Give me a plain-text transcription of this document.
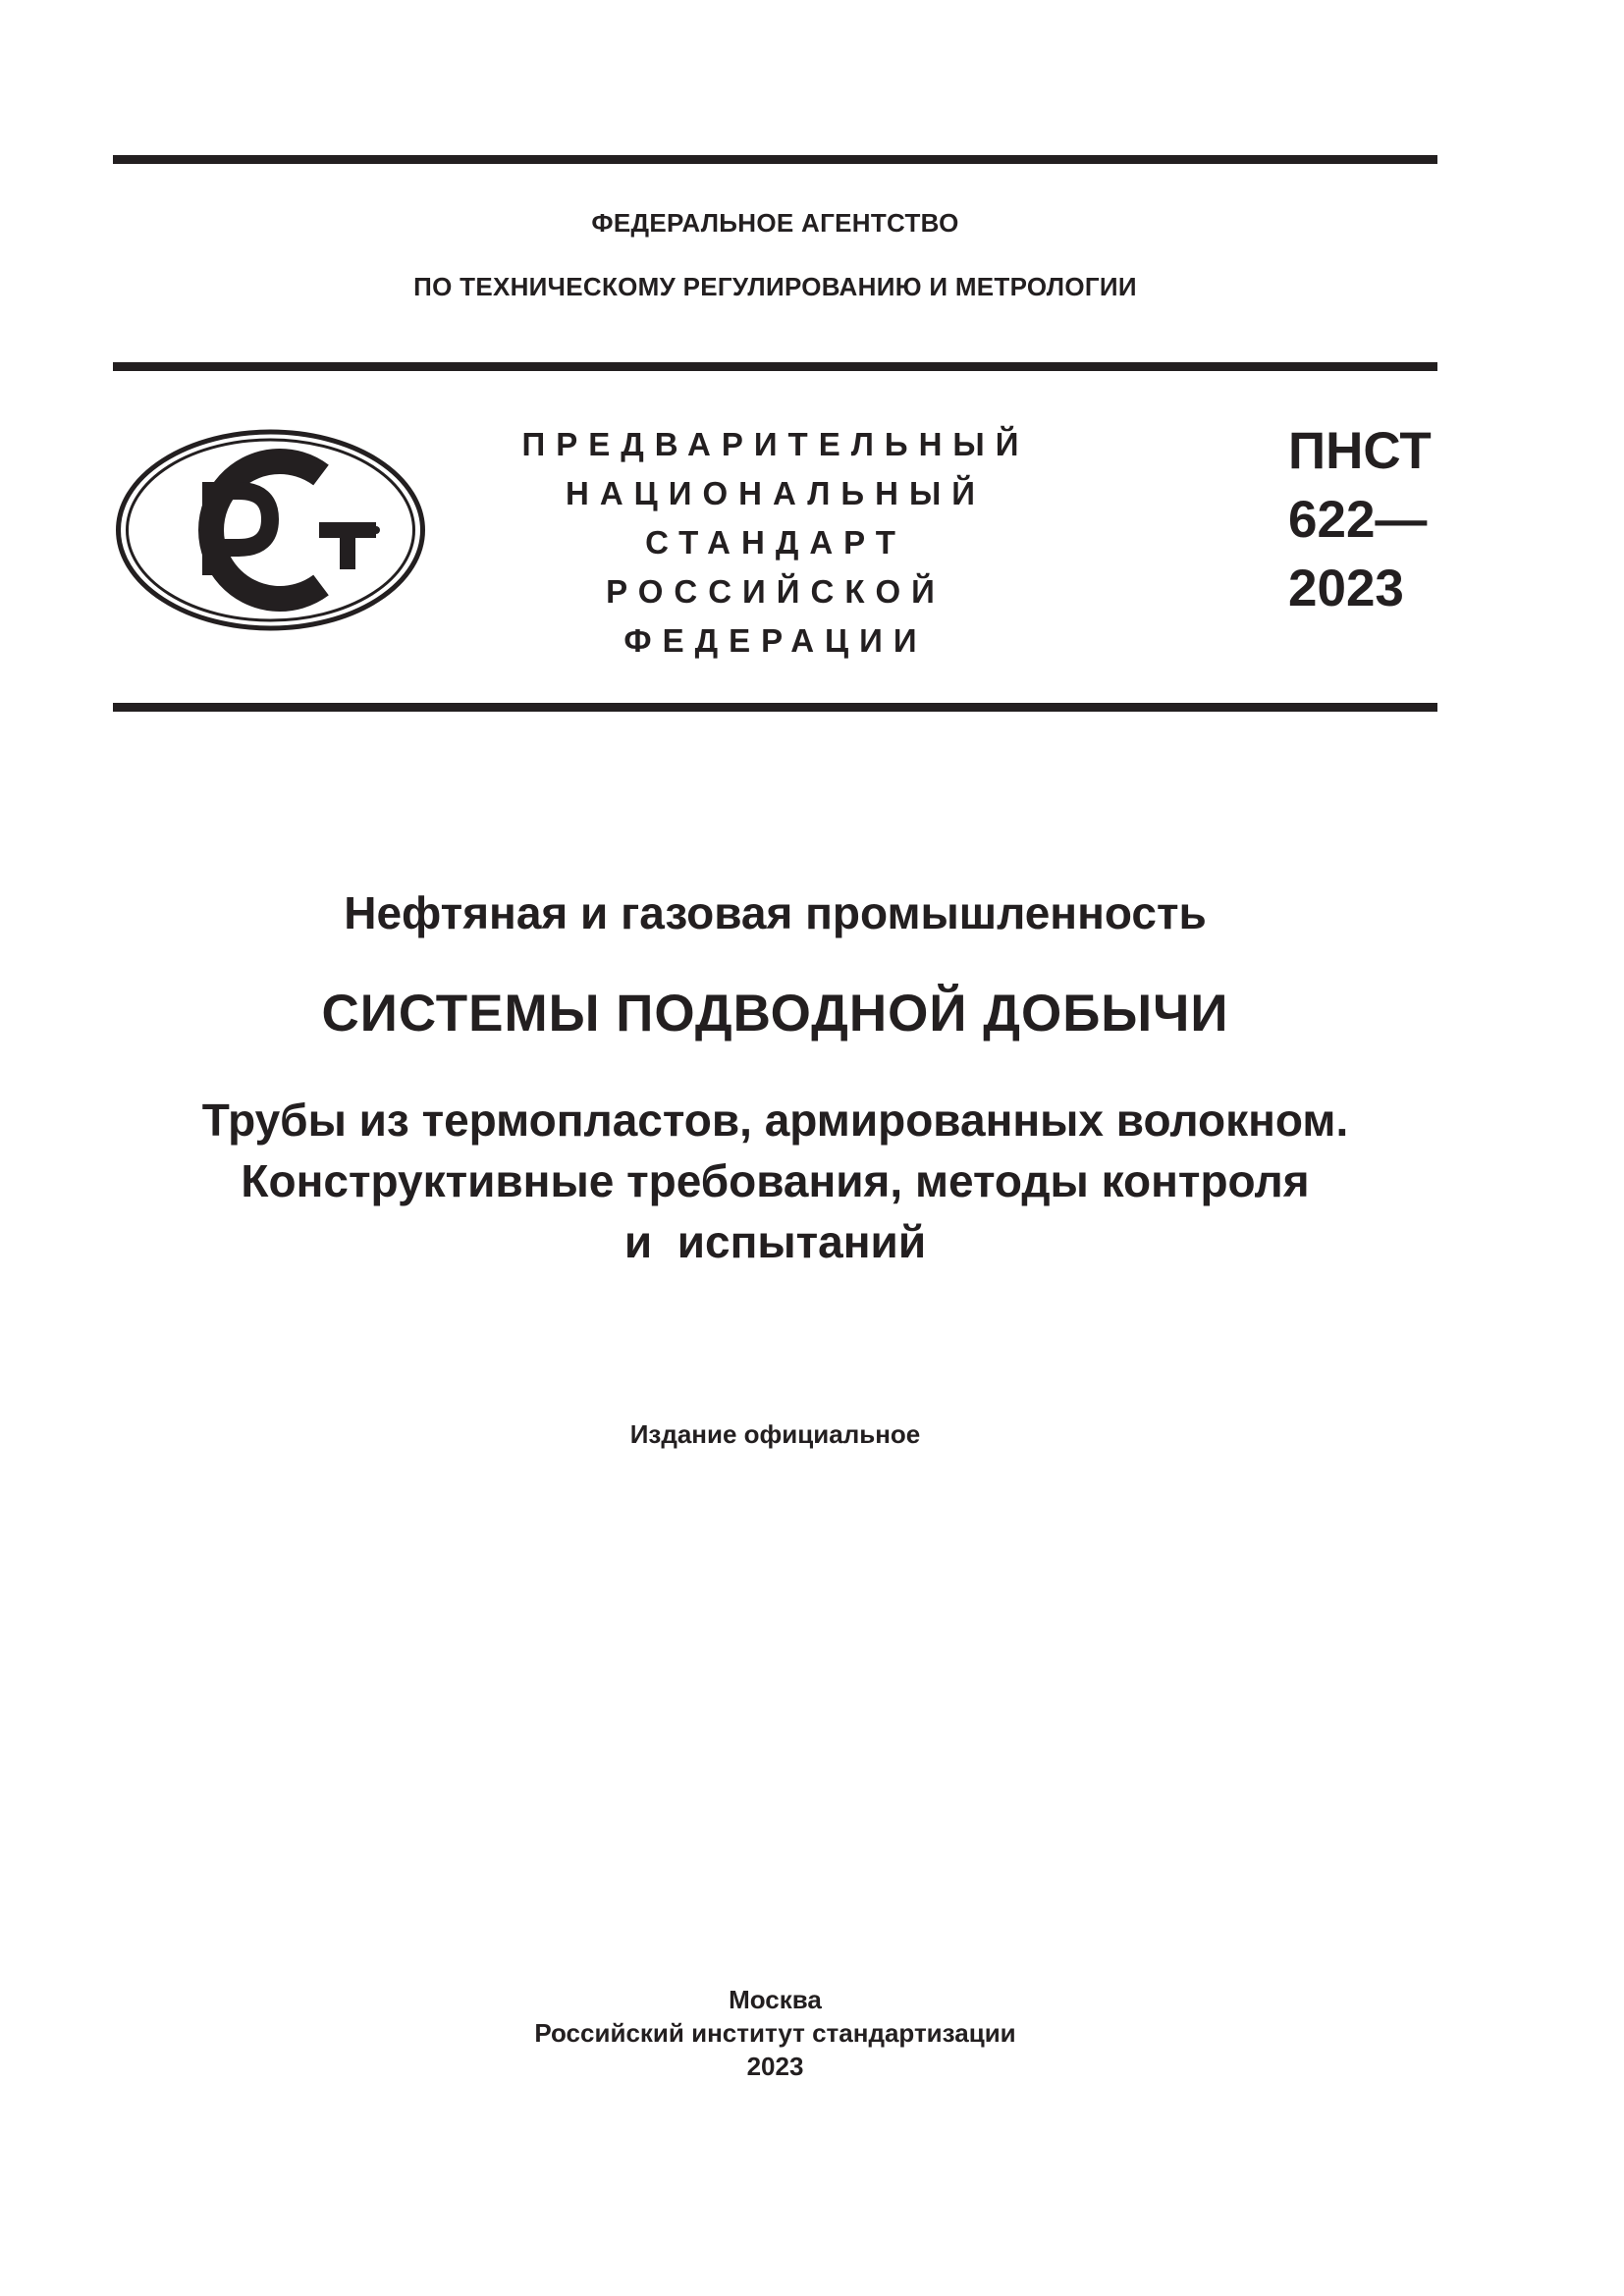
ФЕДЕРАЛЬНОЕ АГЕНТСТВО
ПО ТЕХНИЧЕСКОМУ РЕГУЛИРОВАНИЮ И МЕТРОЛОГИИ
ПРЕДВАРИТЕЛЬНЫЙ
НАЦИОНАЛЬНЫЙ
СТАНДАРТ
РОССИЙСКОЙ
ФЕДЕРАЦИИ
ПНСТ
622—
2023
Нефтяная и газовая промышленность
СИСТЕМЫ ПОДВОДНОЙ ДОБЫЧИ
Трубы из термопластов, армированных волокном.
Конструктивные требования, методы контроля
и  испытаний
Издание официальное
Москва
Российский институт стандартизации
2023
